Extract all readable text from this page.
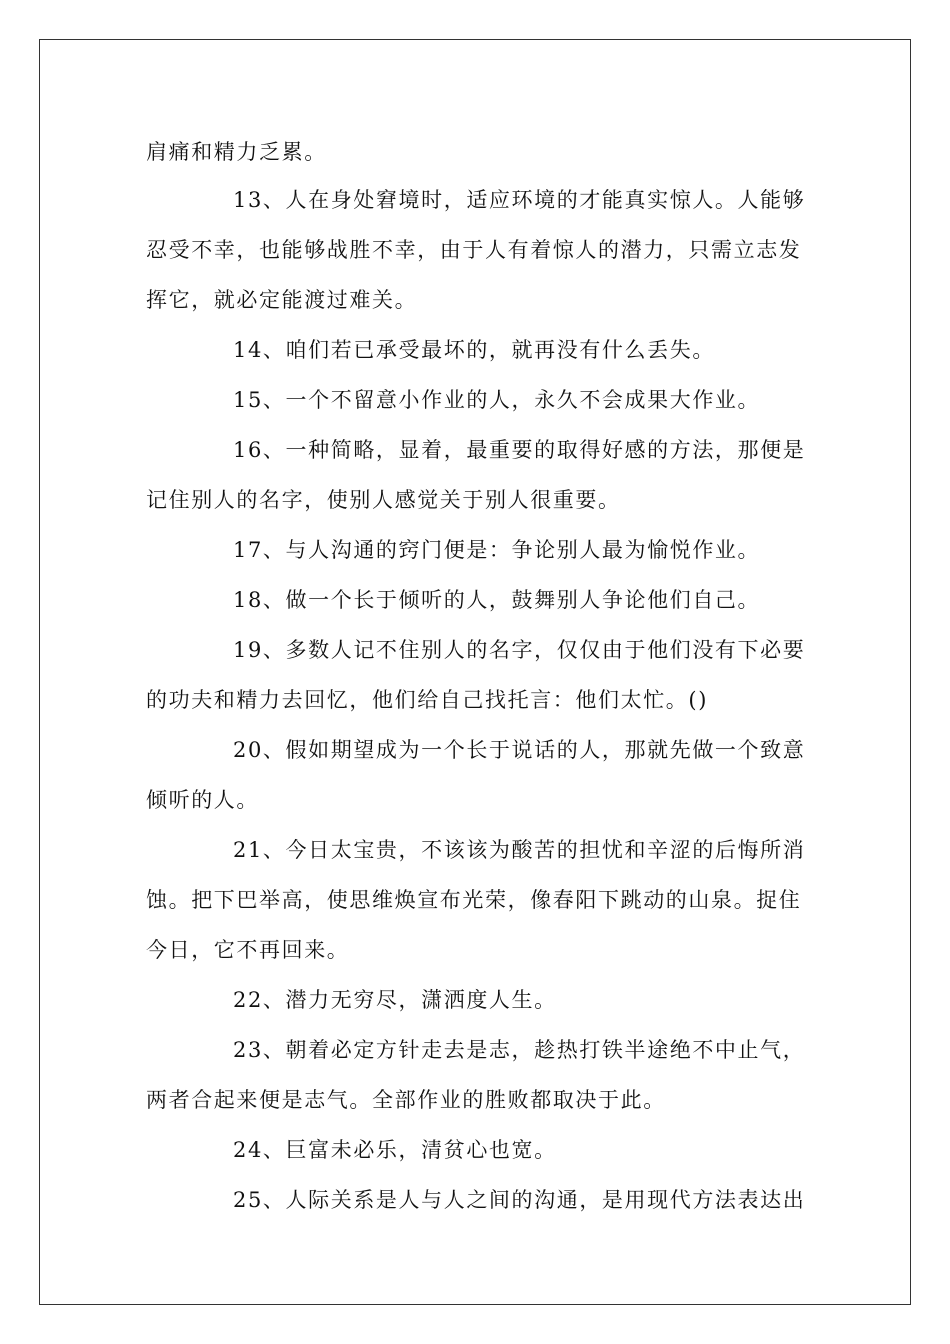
肩痛和精力乏累。
13、人在身处窘境时，适应环境的才能真实惊人。人能够
忍受不幸，也能够战胜不幸，由于人有着惊人的潜力，只需立志发
挥它，就必定能渡过难关。
14、咱们若已承受最坏的，就再没有什么丢失。
15、一个不留意小作业的人，永久不会成果大作业。
16、一种简略，显着，最重要的取得好感的方法，那便是
记住别人的名字，使别人感觉关于别人很重要。
17、与人沟通的窍门便是：争论别人最为愉悦作业。
18、做一个长于倾听的人，鼓舞别人争论他们自己。
19、多数人记不住别人的名字，仅仅由于他们没有下必要
的功夫和精力去回忆，他们给自己找托言：他们太忙。()
20、假如期望成为一个长于说话的人，那就先做一个致意
倾听的人。
21、今日太宝贵，不该该为酸苦的担忧和辛涩的后悔所消
蚀。把下巴举高，使思维焕宣布光荣，像春阳下跳动的山泉。捉住
今日，它不再回来。
22、潜力无穷尽，潇洒度人生。
23、朝着必定方针走去是志，趁热打铁半途绝不中止气，
两者合起来便是志气。全部作业的胜败都取决于此。
24、巨富未必乐，清贫心也宽。
25、人际关系是人与人之间的沟通，是用现代方法表达出
